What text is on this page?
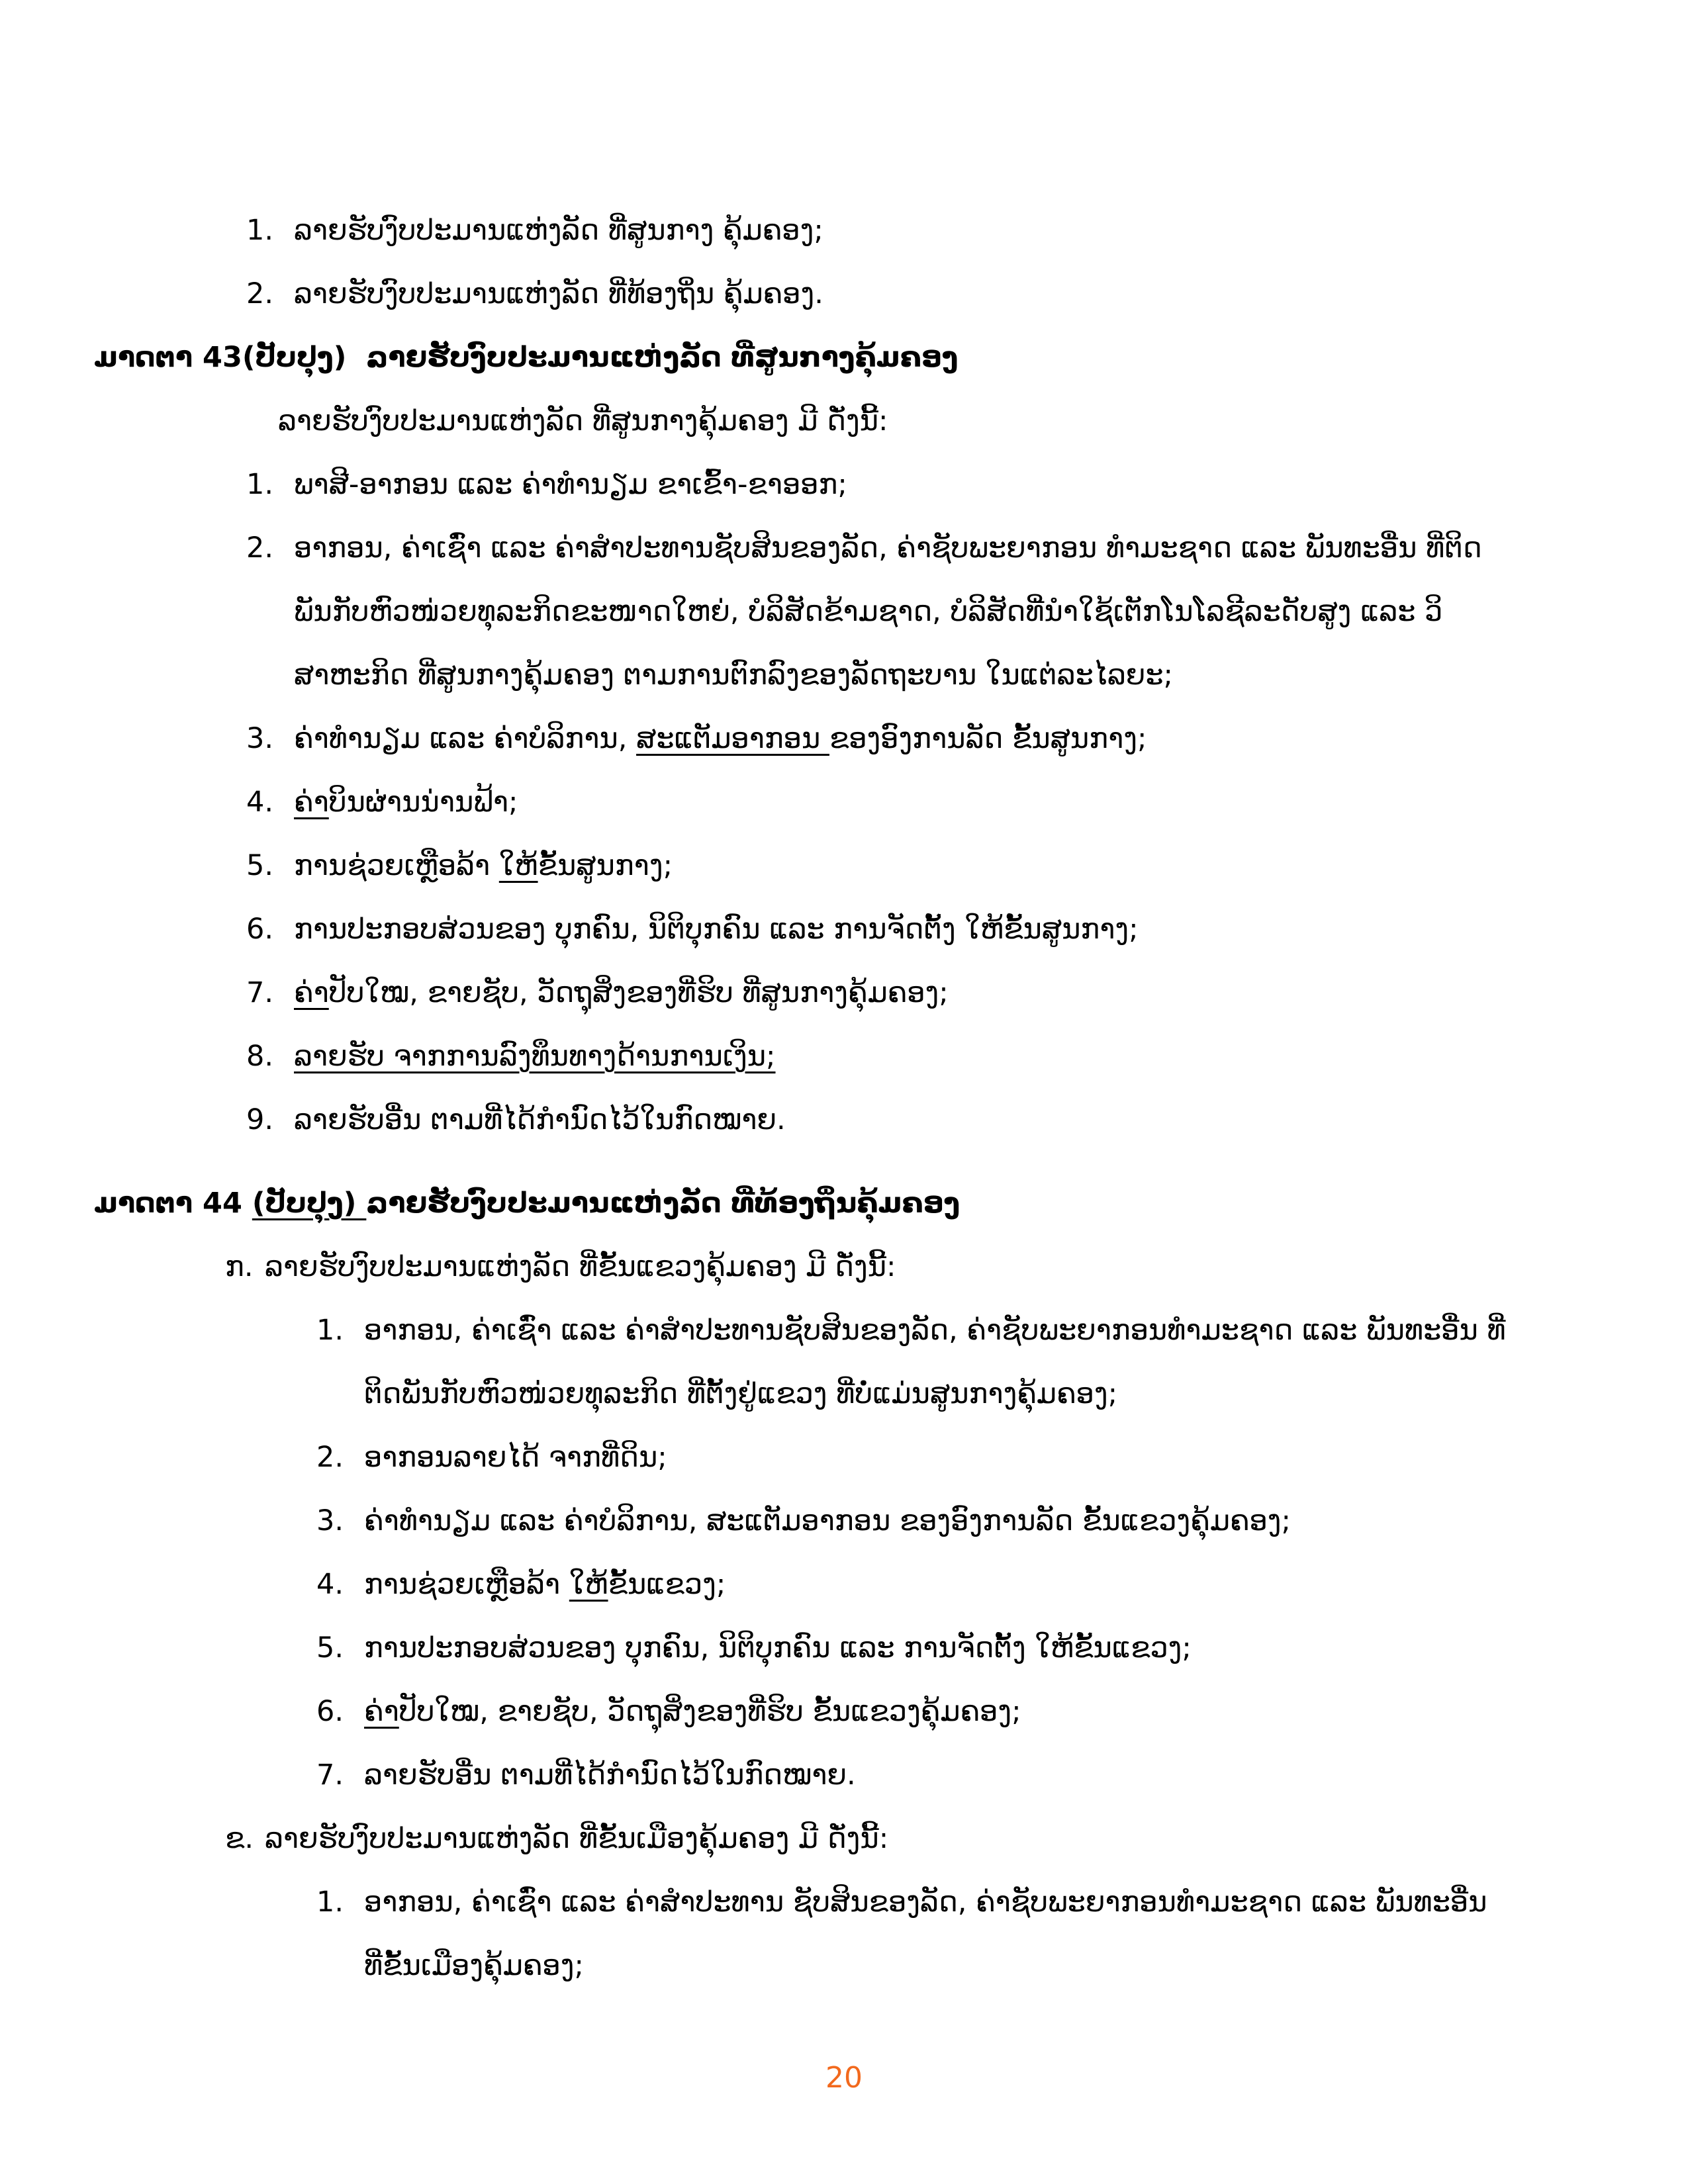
1. ລາຍຮັບງົບປະມານແຫ່ງລັດ ທີ່ສູນກາງ ຄຸ້ມຄອງ;
2. ລາຍຮັບງົບປະມານແຫ່ງລັດ ທີ່ທ້ອງຖິ່ນ ຄຸ້ມຄອງ.
ມາດຕາ 43(ປັບປຸງ)  ລາຍຮັບງົບປະມານແຫ່ງລັດ ທີ່ສູນກາງຄຸ້ມຄອງ
ລາຍຮັບງົບປະມານແຫ່ງລັດ ທີ່ສູນກາງຄຸ້ມຄອງ ມີ ດັ່ງນີ້:
1. ພາສີ-ອາກອນ ແລະ ຄ່າທຳນຽມ ຂາເຂົ້າ-ຂາອອກ;
2. ອາກອນ, ຄ່າເຊົ່າ ແລະ ຄ່າສຳປະທານຊັບສິນຂອງລັດ, ຄ່າຊັບພະຍາກອນ ທຳມະຊາດ ແລະ ພັນທະອື່ນ ທີ່ຕິດ
ພັນກັບຫົວໜ່ວຍທຸລະກິດຂະໜາດໃຫຍ່, ບໍລິສັດຂ້າມຊາດ, ບໍລິສັດທີ່ນຳໃຊ້ເຕັກໂນໂລຊີລະດັບສູງ ແລະ ວິ
ສາຫະກິດ ທີ່ສູນກາງຄຸ້ມຄອງ ຕາມການຕົກລົງຂອງລັດຖະບານ ໃນແຕ່ລະໄລຍະ;
3. ຄ່າທຳນຽມ ແລະ ຄ່າບໍລິການ, ສະແຕັມອາກອນ ຂອງອົງການລັດ ຂັ້ນສູນກາງ;
4. ຄ່າບິນຜ່ານນ່ານຟ້າ;
5. ການຊ່ວຍເຫຼືອລ້າ ໃຫ້ຂັ້ນສູນກາງ;
6. ການປະກອບສ່ວນຂອງ ບຸກຄົນ, ນິຕິບຸກຄົນ ແລະ ການຈັດຕັ້ງ ໃຫ້ຂັ້ນສູນກາງ;
7. ຄ່າປັບໃໝ, ຂາຍຊັບ, ວັດຖຸສິ່ງຂອງທີ່ຮິບ ທີ່ສູນກາງຄຸ້ມຄອງ;
8. ລາຍຮັບ ຈາກການລົງທຶນທາງດ້ານການເງິນ;
9. ລາຍຮັບອື່ນ ຕາມທີ່ໄດ້ກຳນົດໄວ້ໃນກົດໝາຍ.
ມາດຕາ 44 (ປັບປຸງ) ລາຍຮັບງົບປະມານແຫ່ງລັດ ທີ່ທ້ອງຖິ່ນຄຸ້ມຄອງ
ກ. ລາຍຮັບງົບປະມານແຫ່ງລັດ ທີ່ຂັ້ນແຂວງຄຸ້ມຄອງ ມີ ດັ່ງນີ້:
1. ອາກອນ, ຄ່າເຊົ່າ ແລະ ຄ່າສຳປະທານຊັບສິນຂອງລັດ, ຄ່າຊັບພະຍາກອນທຳມະຊາດ ແລະ ພັນທະອື່ນ ທີ່
ຕິດພັນກັບຫົວໜ່ວຍທຸລະກິດ ທີ່ຕັ້ງຢູ່ແຂວງ ທີ່ບໍ່ແມ່ນສູນກາງຄຸ້ມຄອງ;
2. ອາກອນລາຍໄດ້ ຈາກທີ່ດິນ;
3. ຄ່າທຳນຽມ ແລະ ຄ່າບໍລິການ, ສະແຕັມອາກອນ ຂອງອົງການລັດ ຂັ້ນແຂວງຄຸ້ມຄອງ;
4. ການຊ່ວຍເຫຼືອລ້າ ໃຫ້ຂັ້ນແຂວງ;
5. ການປະກອບສ່ວນຂອງ ບຸກຄົນ, ນິຕິບຸກຄົນ ແລະ ການຈັດຕັ້ງ ໃຫ້ຂັ້ນແຂວງ;
6. ຄ່າປັບໃໝ, ຂາຍຊັບ, ວັດຖຸສິ່ງຂອງທີ່ຮິບ ຂັ້ນແຂວງຄຸ້ມຄອງ;
7. ລາຍຮັບອື່ນ ຕາມທີ່ໄດ້ກຳນົດໄວ້ໃນກົດໝາຍ.
ຂ. ລາຍຮັບງົບປະມານແຫ່ງລັດ ທີ່ຂັ້ນເມືອງຄຸ້ມຄອງ ມີ ດັ່ງນີ້:
1. ອາກອນ, ຄ່າເຊົ່າ ແລະ ຄ່າສຳປະທານ ຊັບສິນຂອງລັດ, ຄ່າຊັບພະຍາກອນທຳມະຊາດ ແລະ ພັນທະອື່ນ
ທີ່ຂັ້ນເມືອງຄຸ້ມຄອງ;
20
